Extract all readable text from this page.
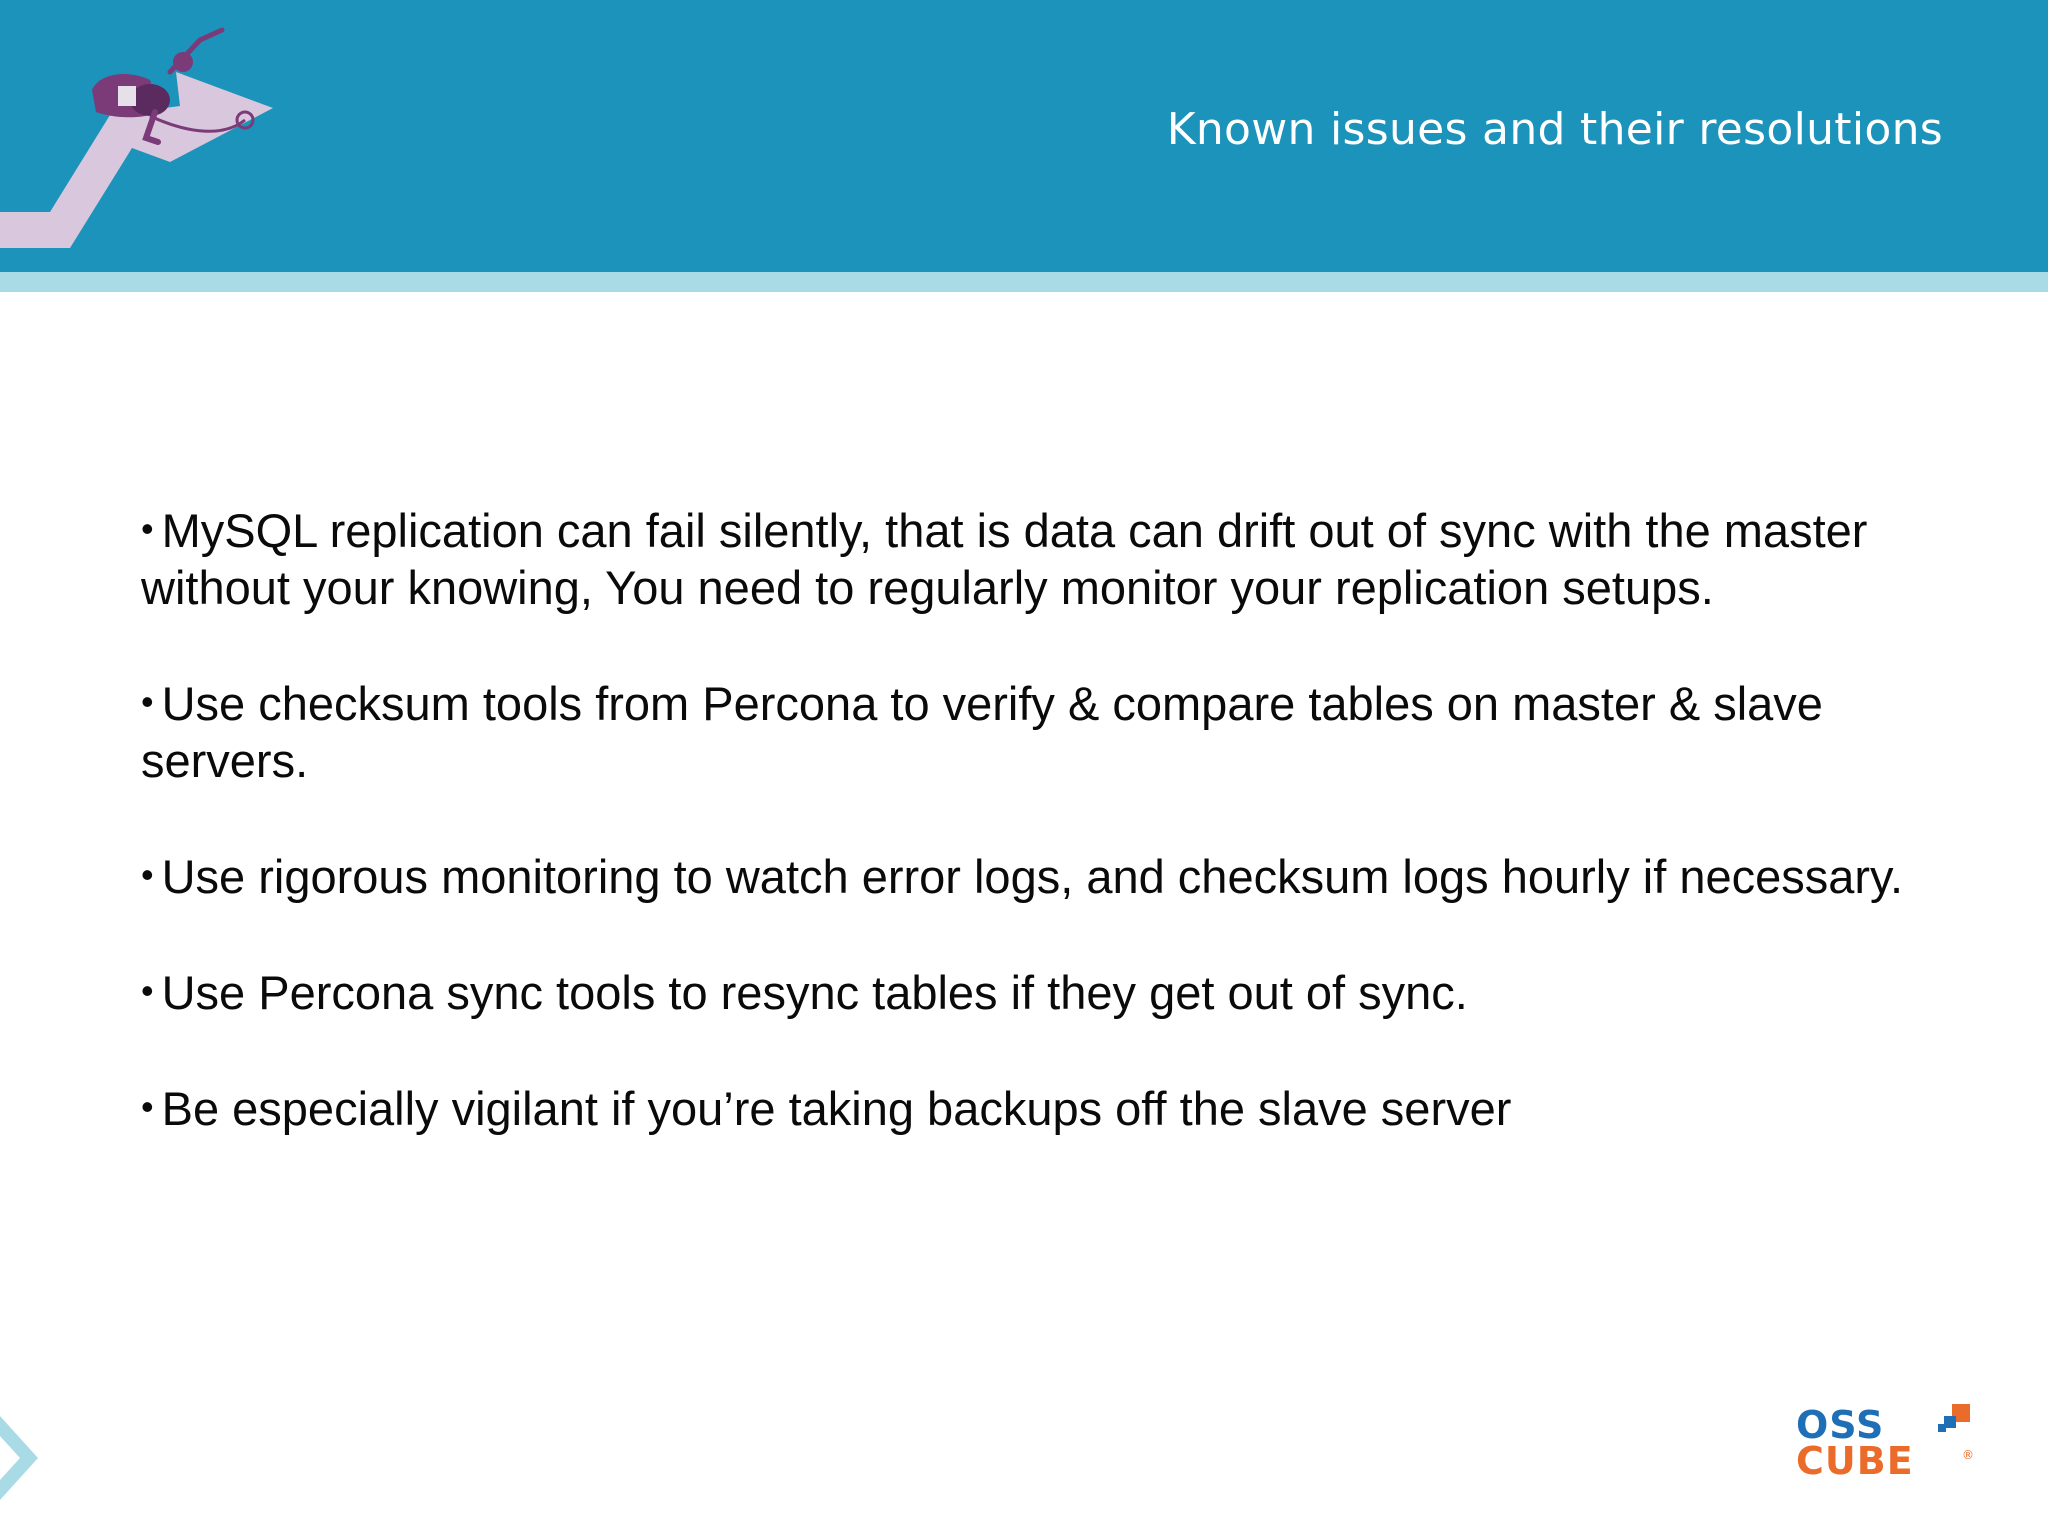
Known issues and their resolutions
• MySQL replication can fail silently, that is data can drift out of sync with the master without your knowing, You need to regularly monitor your replication setups.
• Use checksum tools from Percona to verify & compare tables on master & slave servers.
• Use rigorous monitoring to watch error logs, and checksum logs hourly if necessary.
• Use Percona sync tools to resync tables if they get out of sync.
• Be especially vigilant if you’re taking backups off the slave server
OSS
CUBE	®
